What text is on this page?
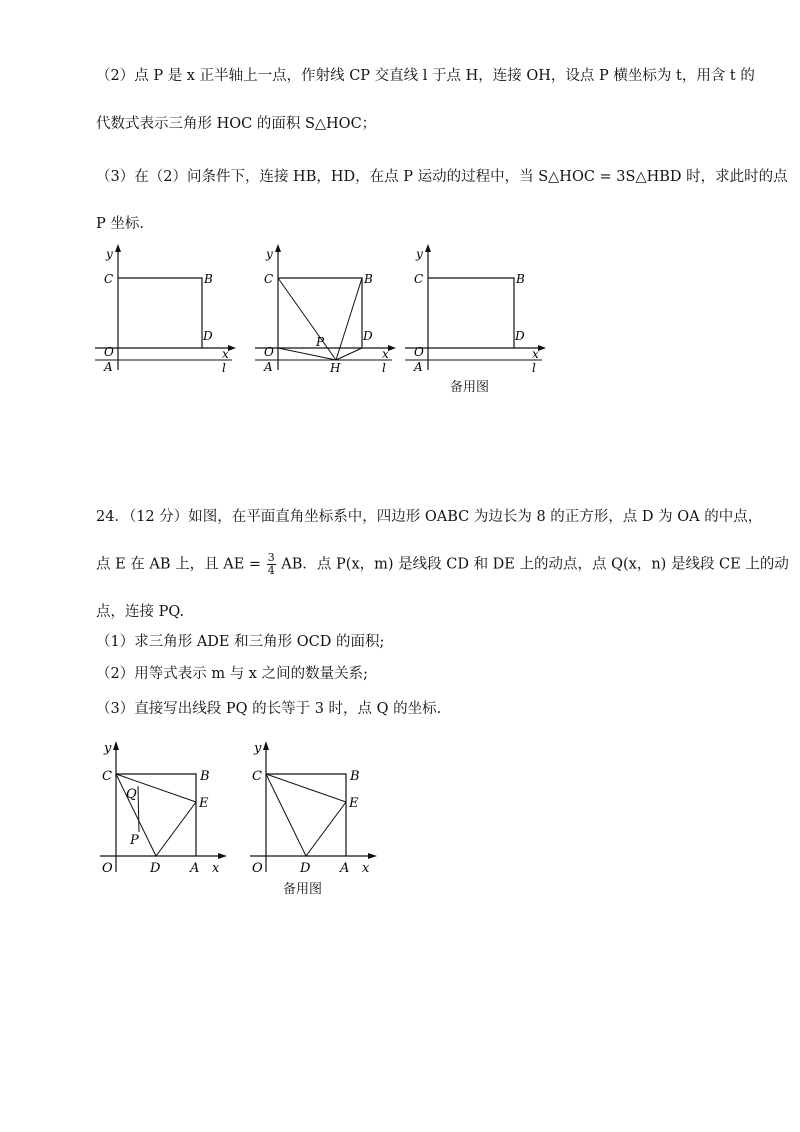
（2）点 P 是 x 正半轴上一点，作射线 CP 交直线 l 于点 H，连接 OH，设点 P 横坐标为 t，用含 t 的
代数式表示三角形 HOC 的面积 S△HOC；
（3）在（2）问条件下，连接 HB，HD，在点 P 运动的过程中，当 S△HOC = 3S△HBD 时，求此时的点
P 坐标.
y
C	B
D
O	x
A	l
y
C	B
D
O
P
x
A	H	l
y
C	B
D
O	x
A	l
备用图
24．（12 分）如图，在平面直角坐标系中，四边形 OABC 为边长为 8 的正方形，点 D 为 OA 的中点，
点 E 在 AB 上，且 AE = $\frac{3}{4}$ AB．点 P(x，m) 是线段 CD 和 DE 上的动点，点 Q(x，n) 是线段 CE 上的动
点，连接 PQ.
（1）求三角形 ADE 和三角形 OCD 的面积;
（2）用等式表示 m 与 x 之间的数量关系;
（3）直接写出线段 PQ 的长等于 3 时，点 Q 的坐标.
y
C	B
Q
E
P
O	D A x
y
C	B
E
O	D A x
备用图
